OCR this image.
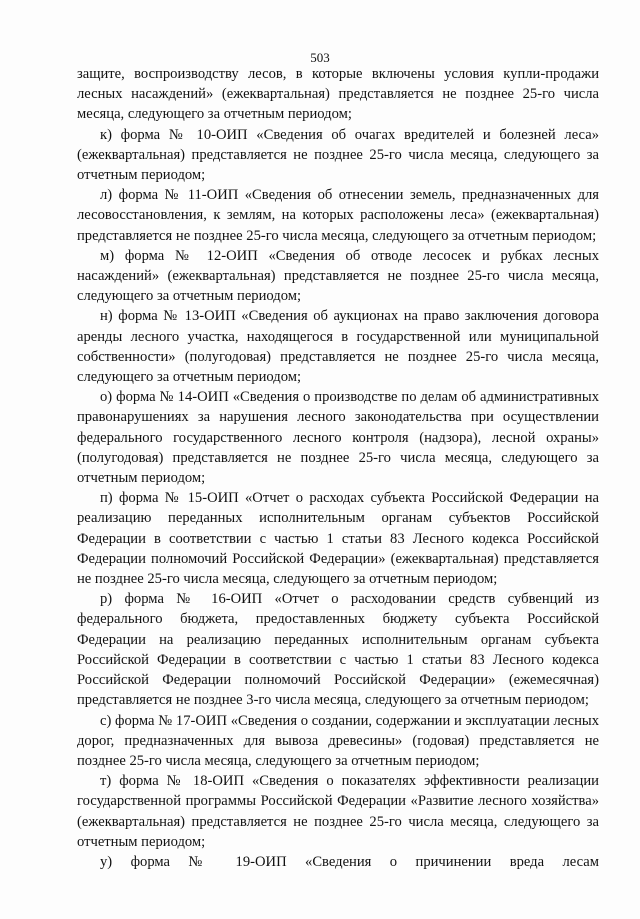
503

защите, воспроизводству лесов, в которые включены условия купли-продажи лесных насаждений» (ежеквартальная) представляется не позднее 25-го числа месяца, следующего за отчетным периодом;

к) форма № 10-ОИП «Сведения об очагах вредителей и болезней леса» (ежеквартальная) представляется не позднее 25-го числа месяца, следующего за отчетным периодом;

л) форма № 11-ОИП «Сведения об отнесении земель, предназначенных для лесовосстановления, к землям, на которых расположены леса» (ежеквартальная) представляется не позднее 25-го числа месяца, следующего за отчетным периодом;

м) форма № 12-ОИП «Сведения об отводе лесосек и рубках лесных насаждений» (ежеквартальная) представляется не позднее 25-го числа месяца, следующего за отчетным периодом;

н) форма № 13-ОИП «Сведения об аукционах на право заключения договора аренды лесного участка, находящегося в государственной или муниципальной собственности» (полугодовая) представляется не позднее 25-го числа месяца, следующего за отчетным периодом;

о) форма № 14-ОИП «Сведения о производстве по делам об административных правонарушениях за нарушения лесного законодательства при осуществлении федерального государственного лесного контроля (надзора), лесной охраны» (полугодовая) представляется не позднее 25-го числа месяца, следующего за отчетным периодом;

п) форма № 15-ОИП «Отчет о расходах субъекта Российской Федерации на реализацию переданных исполнительным органам субъектов Российской Федерации в соответствии с частью 1 статьи 83 Лесного кодекса Российской Федерации полномочий Российской Федерации» (ежеквартальная) представляется не позднее 25-го числа месяца, следующего за отчетным периодом;

р) форма № 16-ОИП «Отчет о расходовании средств субвенций из федерального бюджета, предоставленных бюджету субъекта Российской Федерации на реализацию переданных исполнительным органам субъекта Российской Федерации в соответствии с частью 1 статьи 83 Лесного кодекса Российской Федерации полномочий Российской Федерации» (ежемесячная) представляется не позднее 3-го числа месяца, следующего за отчетным периодом;

с) форма № 17-ОИП «Сведения о создании, содержании и эксплуатации лесных дорог, предназначенных для вывоза древесины» (годовая) представляется не позднее 25-го числа месяца, следующего за отчетным периодом;

т) форма № 18-ОИП «Сведения о показателях эффективности реализации государственной программы Российской Федерации «Развитие лесного хозяйства» (ежеквартальная) представляется не позднее 25-го числа месяца, следующего за отчетным периодом;

у) форма № 19-ОИП «Сведения о причинении вреда лесам
